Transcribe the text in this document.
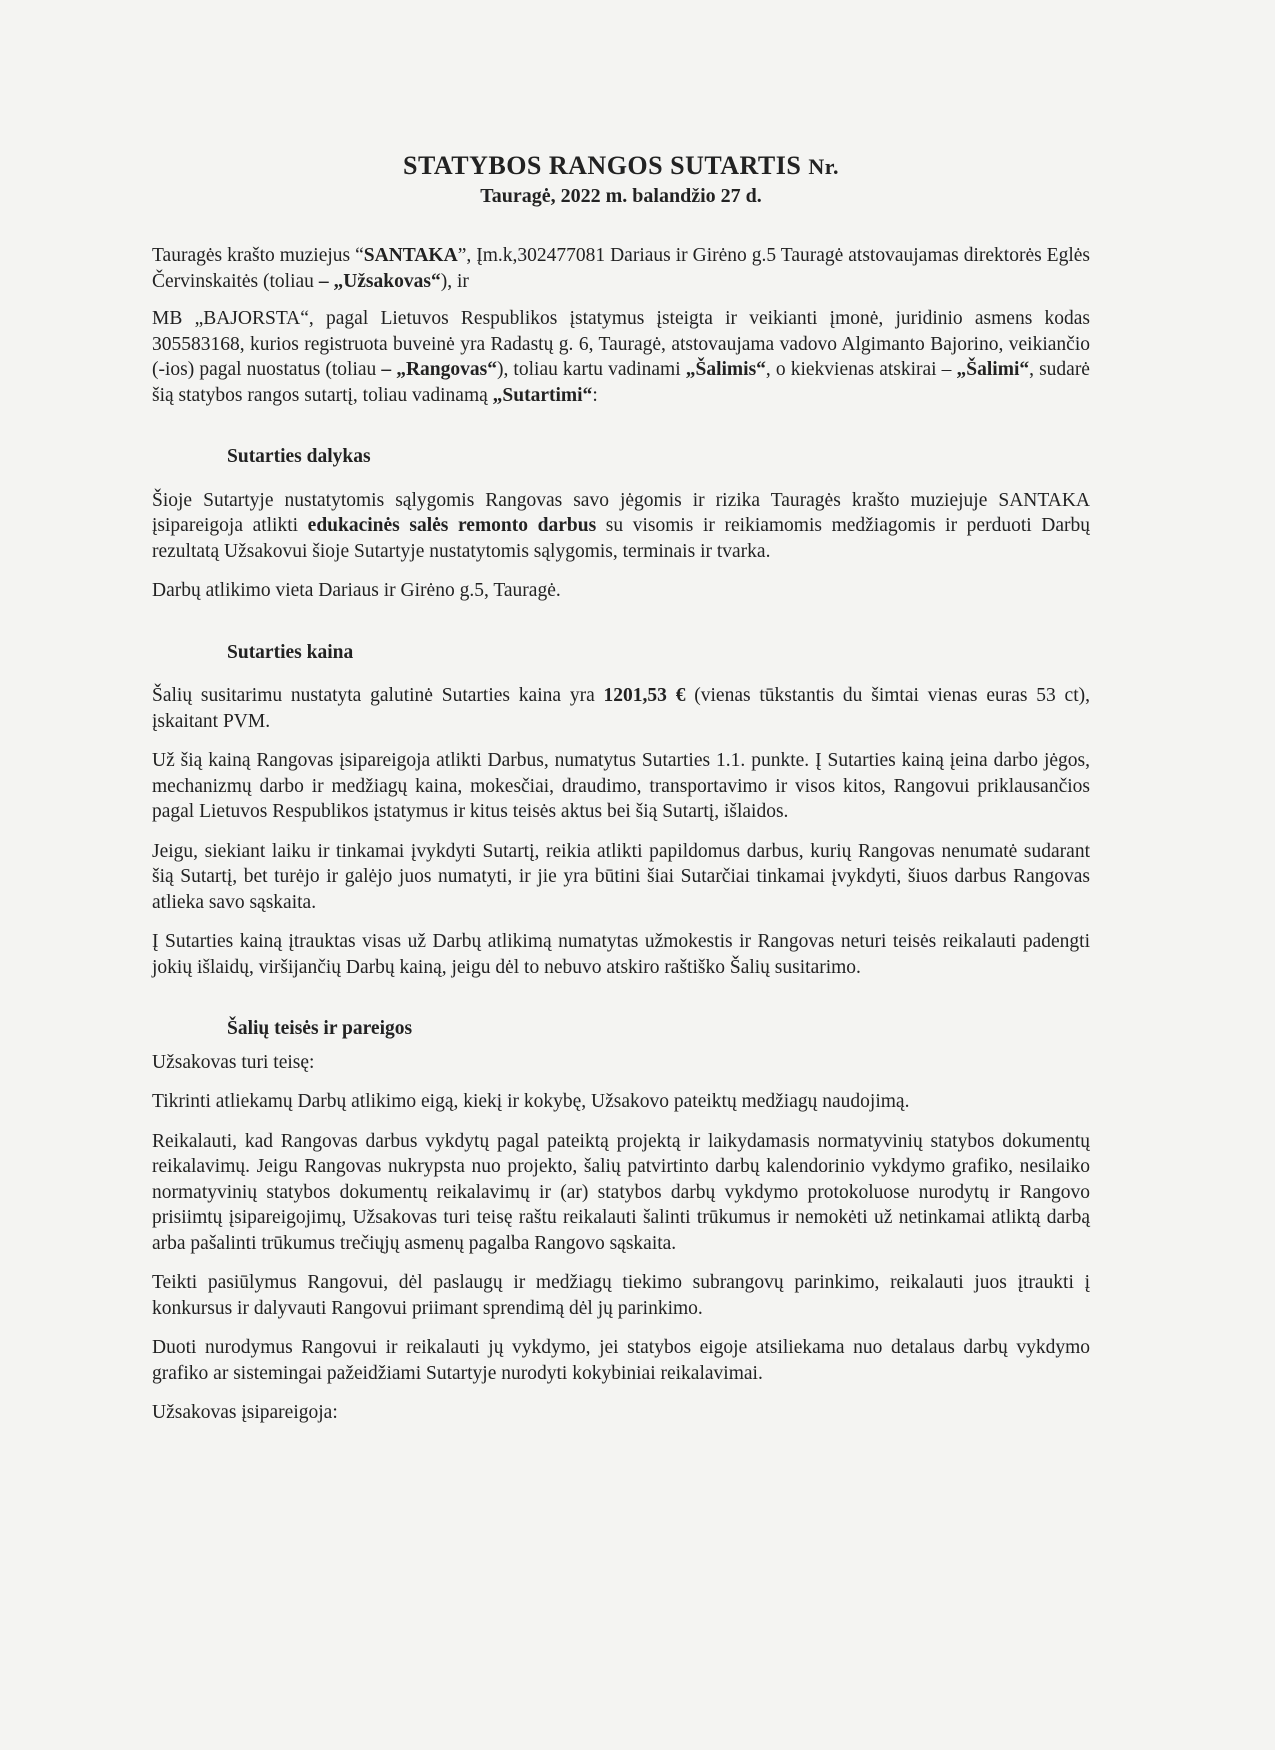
STATYBOS RANGOS SUTARTIS Nr.

Tauragė, 2022 m. balandžio 27 d.

Tauragės krašto muziejus “SANTAKA”, Įm.k,302477081 Dariaus ir Girėno g.5 Tauragė atstovaujamas direktorės Eglės Červinskaitės (toliau – „Užsakovas“), ir

MB „BAJORSTA“, pagal Lietuvos Respublikos įstatymus įsteigta ir veikianti įmonė, juridinio asmens kodas 305583168, kurios registruota buveinė yra Radastų g. 6, Tauragė, atstovaujama vadovo Algimanto Bajorino, veikiančio (-ios) pagal nuostatus (toliau – „Rangovas“), toliau kartu vadinami „Šalimis“, o kiekvienas atskirai – „Šalimi“, sudarė šią statybos rangos sutartį, toliau vadinamą „Sutartimi“:

Sutarties dalykas

Šioje Sutartyje nustatytomis sąlygomis Rangovas savo jėgomis ir rizika Tauragės krašto muziejuje SANTAKA įsipareigoja atlikti edukacinės salės remonto darbus su visomis ir reikiamomis medžiagomis ir perduoti Darbų rezultatą Užsakovui šioje Sutartyje nustatytomis sąlygomis, terminais ir tvarka.

Darbų atlikimo vieta Dariaus ir Girėno g.5, Tauragė.

Sutarties kaina

Šalių susitarimu nustatyta galutinė Sutarties kaina yra 1201,53 € (vienas tūkstantis du šimtai vienas euras 53 ct), įskaitant PVM.

Už šią kainą Rangovas įsipareigoja atlikti Darbus, numatytus Sutarties 1.1. punkte. Į Sutarties kainą įeina darbo jėgos, mechanizmų darbo ir medžiagų kaina, mokesčiai, draudimo, transportavimo ir visos kitos, Rangovui priklausančios pagal Lietuvos Respublikos įstatymus ir kitus teisės aktus bei šią Sutartį, išlaidos.

Jeigu, siekiant laiku ir tinkamai įvykdyti Sutartį, reikia atlikti papildomus darbus, kurių Rangovas nenumatė sudarant šią Sutartį, bet turėjo ir galėjo juos numatyti, ir jie yra būtini šiai Sutarčiai tinkamai įvykdyti, šiuos darbus Rangovas atlieka savo sąskaita.

Į Sutarties kainą įtrauktas visas už Darbų atlikimą numatytas užmokestis ir Rangovas neturi teisės reikalauti padengti jokių išlaidų, viršijančių Darbų kainą, jeigu dėl to nebuvo atskiro raštiško Šalių susitarimo.

Šalių teisės ir pareigos

Užsakovas turi teisę:

Tikrinti atliekamų Darbų atlikimo eigą, kiekį ir kokybę, Užsakovo pateiktų medžiagų naudojimą.

Reikalauti, kad Rangovas darbus vykdytų pagal pateiktą projektą ir laikydamasis normatyvinių statybos dokumentų reikalavimų. Jeigu Rangovas nukrypsta nuo projekto, šalių patvirtinto darbų kalendorinio vykdymo grafiko, nesilaiko normatyvinių statybos dokumentų reikalavimų ir (ar) statybos darbų vykdymo protokoluose nurodytų ir Rangovo prisiimtų įsipareigojimų, Užsakovas turi teisę raštu reikalauti šalinti trūkumus ir nemokėti už netinkamai atliktą darbą arba pašalinti trūkumus trečiųjų asmenų pagalba Rangovo sąskaita.

Teikti pasiūlymus Rangovui, dėl paslaugų ir medžiagų tiekimo subrangovų parinkimo, reikalauti juos įtraukti į konkursus ir dalyvauti Rangovui priimant sprendimą dėl jų parinkimo.

Duoti nurodymus Rangovui ir reikalauti jų vykdymo, jei statybos eigoje atsiliekama nuo detalaus darbų vykdymo grafiko ar sistemingai pažeidžiami Sutartyje nurodyti kokybiniai reikalavimai.

Užsakovas įsipareigoja:
